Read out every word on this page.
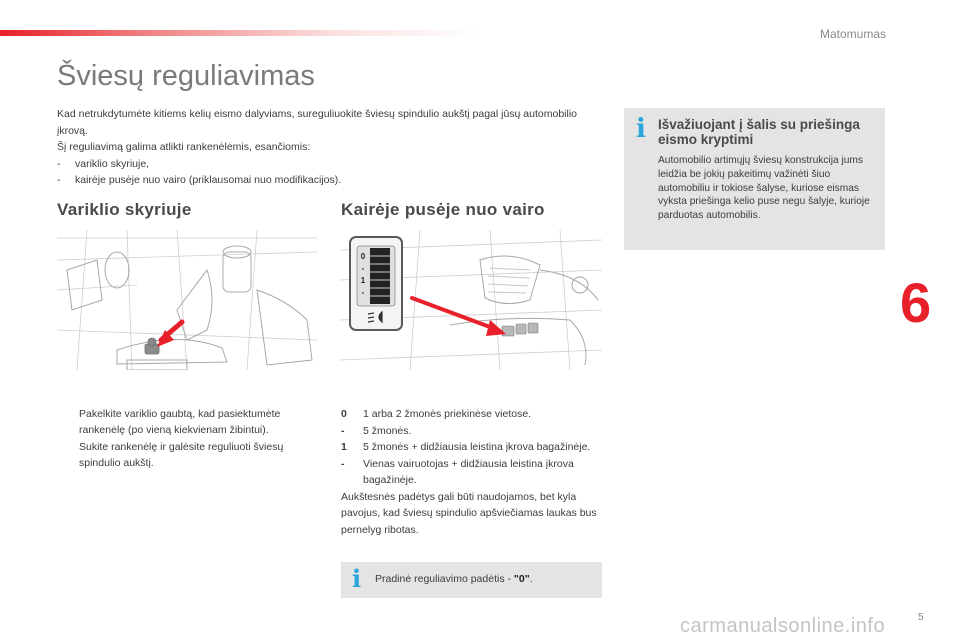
Matomumas
Šviesų reguliavimas

Kad netrukdytumėte kitiems kelių eismo dalyviams, sureguliuokite šviesų spindulio aukštį pagal jūsų automobilio įkrovą.

Šį reguliavimą galima atlikti rankenėlėmis, esančiomis:

-	variklio skyriuje,
-	kairėje pusėje nuo vairo (priklausomai nuo modifikacijos).
i Išvažiuojant į šalis su priešinga eismo kryptimi
Automobilio artimųjų šviesų konstrukcija jums leidžia be jokių pakeitimų važinėti šiuo automobiliu ir tokiose šalyse, kuriose eismas vyksta priešinga kelio puse negu šalyje, kurioje parduotas automobilis.
6
Variklio skyriuje	Kairėje pusėje nuo vairo
0
-
1
-
Pakelkite variklio gaubtą, kad pasiektumėte rankenėlę (po vieną kiekvienam žibintui).
Sukite rankenėlę ir galėsite reguliuoti šviesų spindulio aukštį.
0	1 arba 2 žmonės priekinėse vietose.
-	5 žmonės.
1	5 žmonės + didžiausia leistina įkrova bagažinėje.
-	Vienas vairuotojas + didžiausia leistina įkrova bagažinėje.
Aukštesnės padėtys gali būti naudojamos, bet kyla pavojus, kad šviesų spindulio apšviečiamas laukas bus pernelyg ribotas.
i Pradinė reguliavimo padėtis - "0".
5
carmanualsonline.info
